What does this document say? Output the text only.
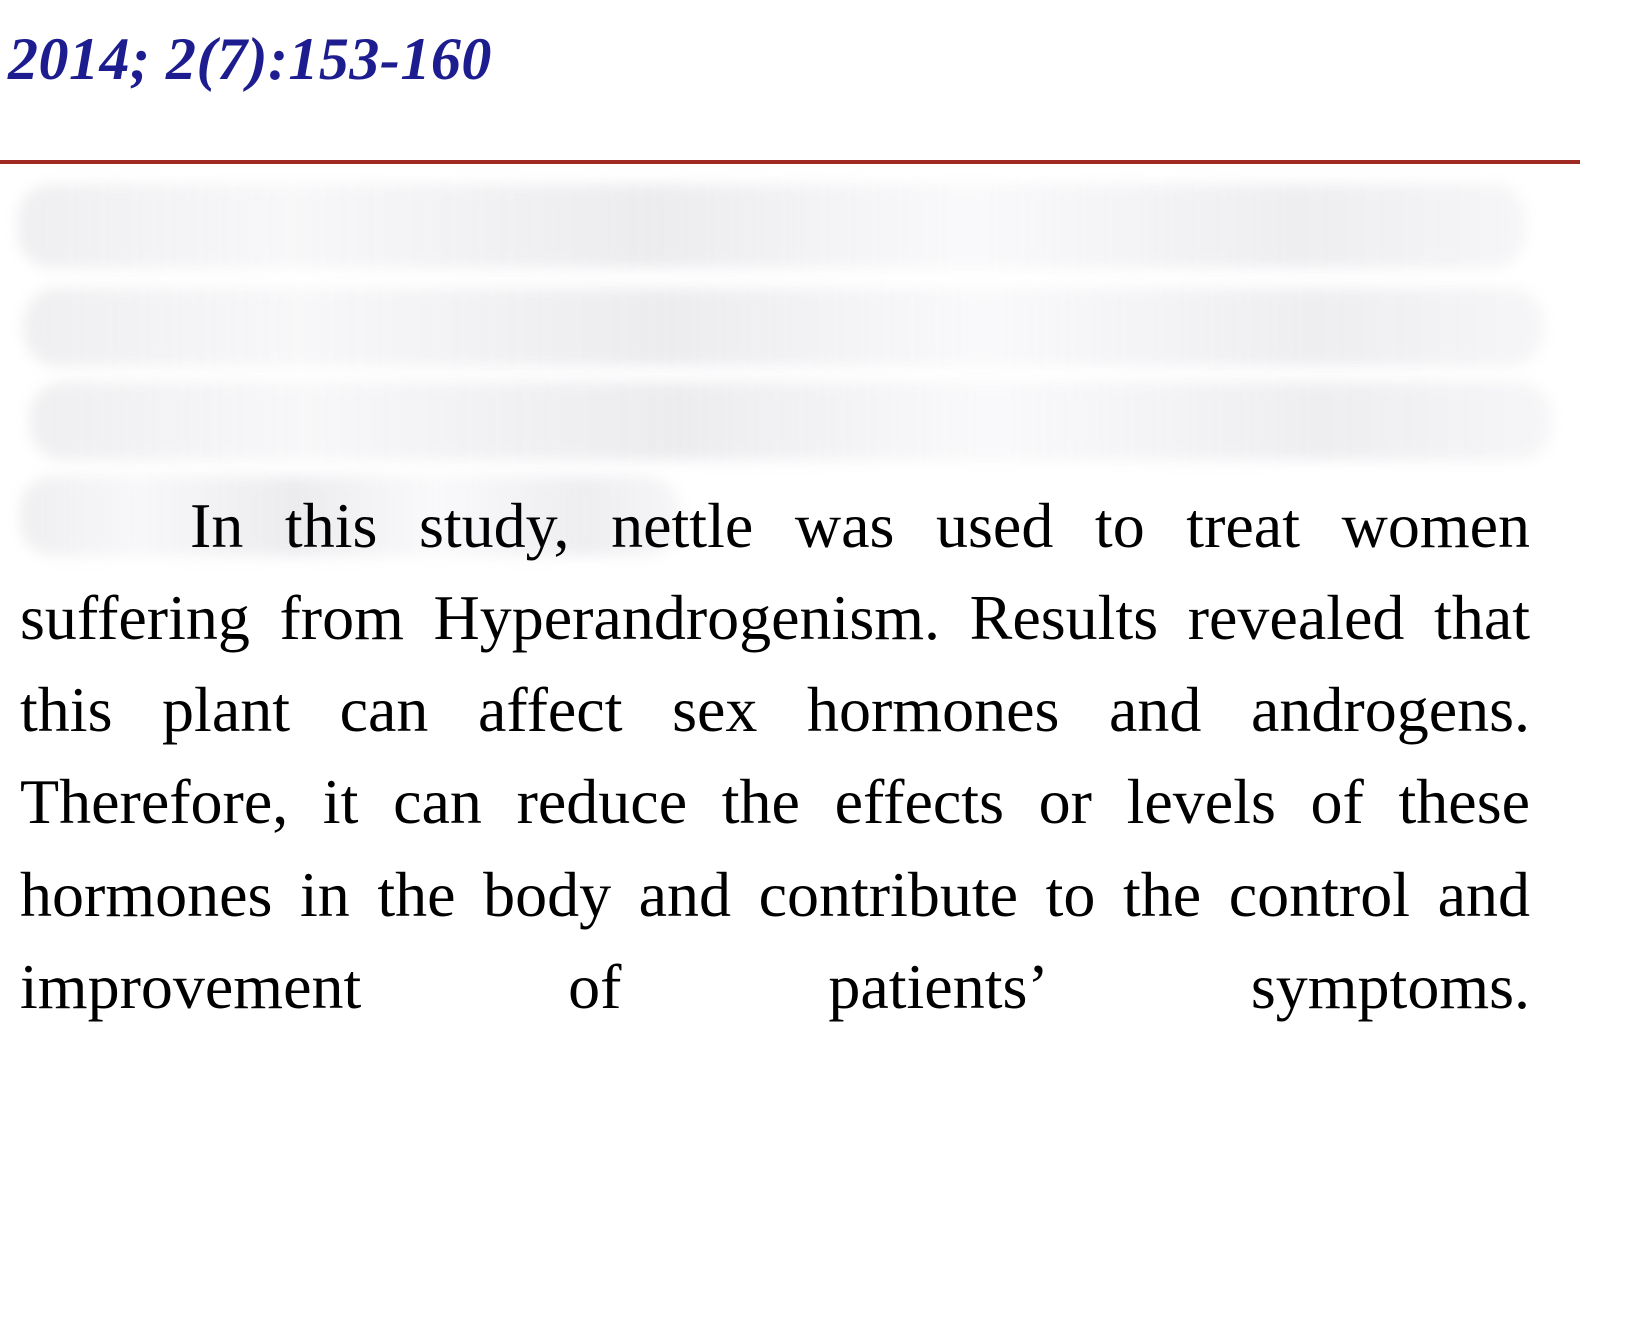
2014; 2(7):153-160
In this study, nettle was used to treat women suffering from Hyperandrogenism. Results revealed that this plant can affect sex hormones and androgens. Therefore, it can reduce the effects or levels of these hormones in the body and contribute to the control and improvement of patients’ symptoms.
